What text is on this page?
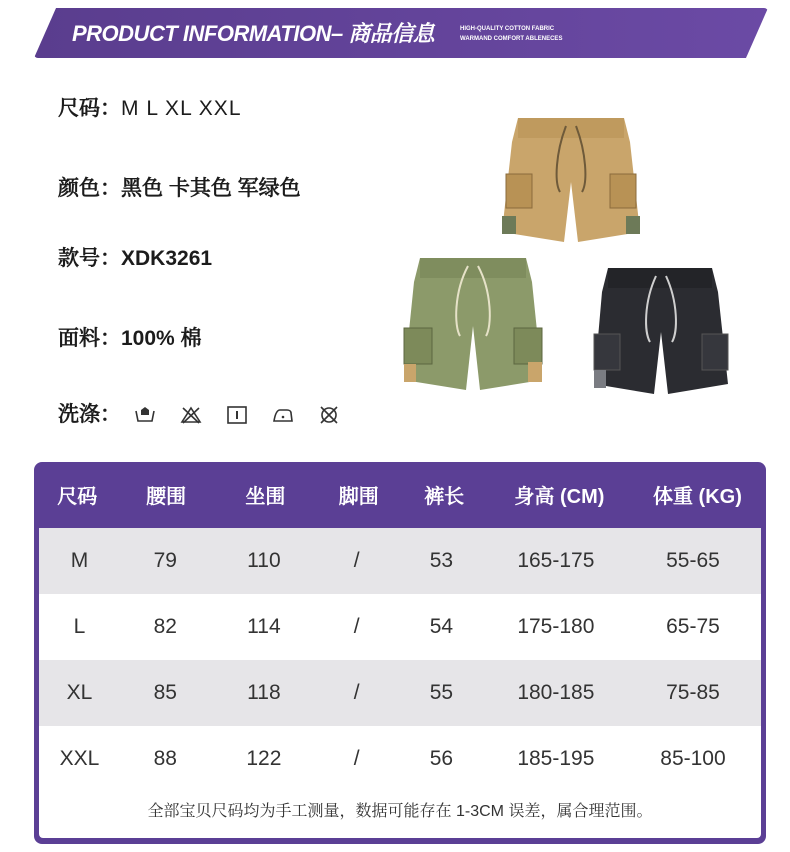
PRODUCT INFORMATION– 商品信息	HIGH-QUALITY COTTON FABRIC
WARMAND COMFORT ABLENECES
尺码：M L XL XXL
颜色：黑色 卡其色 军绿色
款号：XDK3261
面料：100% 棉
洗涤：
尺码	腰围	坐围	脚围	裤长	身高 (CM)	体重 (KG)
M	79	110	/	53	165-175	55-65
L	82	114	/	54	175-180	65-75
XL	85	118	/	55	180-185	75-85
XXL	88	122	/	56	185-195	85-100
全部宝贝尺码均为手工测量，数据可能存在 1-3CM 误差，属合理范围。
